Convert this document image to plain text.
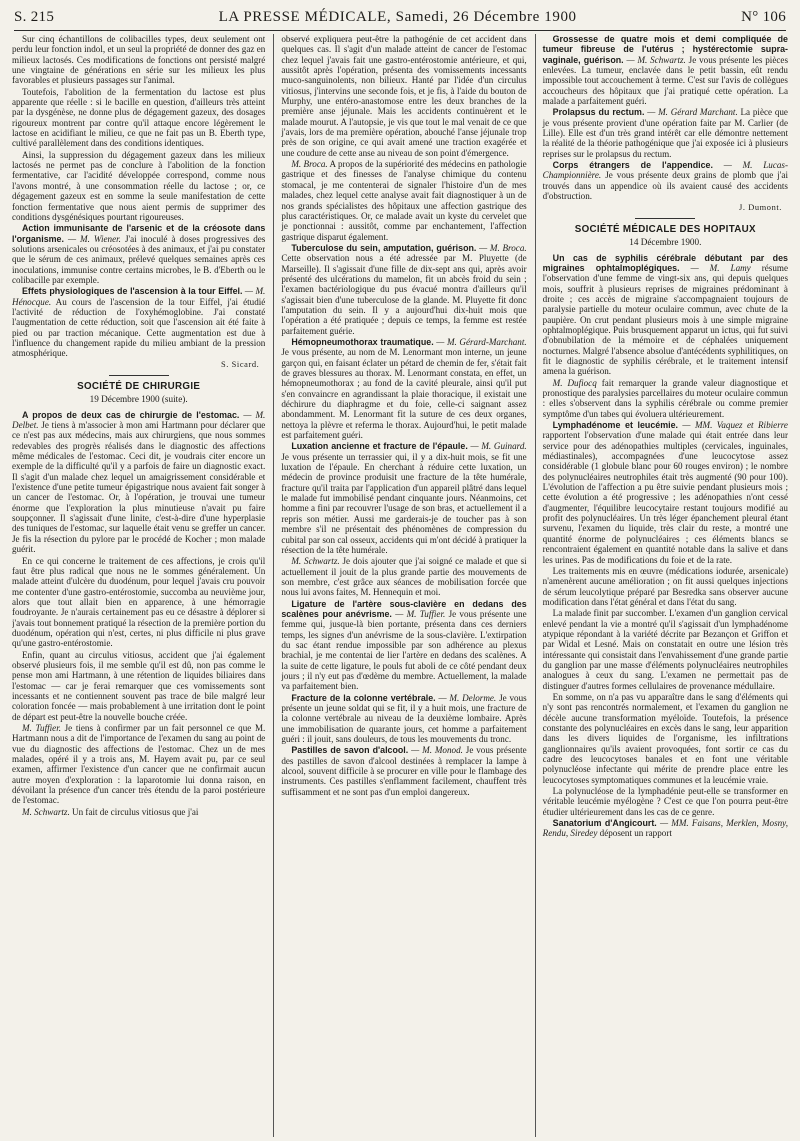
S. 215	LA PRESSE MÉDICALE, Samedi, 26 Décembre 1900	N° 106

Sur cinq échantillons de colibacilles types, deux seulement ont perdu leur fonction indol, et un seul la propriété de donner des gaz en milieux lactosés. Ces modifications de fonctions ont persisté malgré une vingtaine de générations en série sur les milieux les plus favorables et plusieurs passages sur l'animal.

Toutefois, l'abolition de la fermentation du lactose est plus apparente que réelle : si le bacille en question, d'ailleurs très atteint par la dysgénèse, ne donne plus de dégagement gazeux, des dosages rigoureux montrent par contre qu'il attaque encore légèrement le lactose en acidifiant le milieu, ce que ne fait pas un B. Eberth type, cultivé parallèlement dans des conditions identiques.

Ainsi, la suppression du dégagement gazeux dans les milieux lactosés ne permet pas de conclure à l'abolition de la fonction fermentative, car l'acidité développée correspond, comme nous l'avons montré, à une consommation réelle du lactose ; or, ce dégagement gazeux est en somme la seule manifestation de cette fonction fermentative que nous aient permis de supprimer des conditions dysgénésiques pourtant rigoureuses.

Action immunisante de l'arsenic et de la créosote dans l'organisme. — M. Wiener. J'ai inoculé à doses progressives des solutions arsenicales ou créosotées à des animaux, et j'ai pu constater que le sérum de ces animaux, prélevé quelques semaines après ces inoculations, immunise contre certains microbes, le B. d'Eberth ou le colibacille par exemple.

Effets physiologiques de l'ascension à la tour Eiffel. — M. Hénocque. Au cours de l'ascension de la tour Eiffel, j'ai étudié l'activité de réduction de l'oxyhémoglobine. J'ai constaté l'augmentation de cette réduction, soit que l'ascension ait été faite à pied ou par traction mécanique. Cette augmentation est due à l'influence du changement rapide du milieu ambiant de la pression atmosphérique.

S. Sicard.
SOCIÉTÉ DE CHIRURGIE
19 Décembre 1900 (suite).

A propos de deux cas de chirurgie de l'estomac. — M. Delbet. Je tiens à m'associer à mon ami Hartmann pour déclarer que ce n'est pas aux médecins, mais aux chirurgiens, que nous sommes redevables des progrès réalisés dans le diagnostic des affections même médicales de l'estomac. Ceci dit, je voudrais citer encore un exemple de la difficulté qu'il y a parfois de faire un diagnostic exact. Il s'agit d'un malade chez lequel un amaigrissement considérable et l'existence d'une petite tumeur épigastrique nous avaient fait songer à un cancer de l'estomac. Or, à l'opération, je trouvai une tumeur énorme que l'exploration la plus minutieuse n'avait pu faire soupçonner. Il s'agissait d'une linite, c'est-à-dire d'une hyperplasie des tuniques de l'estomac, sur laquelle était venu se greffer un cancer. Je fis la résection du pylore par le procédé de Kocher ; mon malade guérit.

En ce qui concerne le traitement de ces affections, je crois qu'il faut être plus radical que nous ne le sommes généralement. Un malade atteint d'ulcère du duodénum, pour lequel j'avais cru pouvoir me contenter d'une gastro-entérostomie, succomba au neuvième jour, alors que tout allait bien en apparence, à une hémorragie foudroyante. Je n'aurais certainement pas eu ce désastre à déplorer si j'avais tout bonnement pratiqué la résection de la première portion du duodénum, opération qui n'est, certes, ni plus difficile ni plus grave qu'une gastro-entérostomie.

Enfin, quant au circulus vitiosus, accident que j'ai également observé plusieurs fois, il me semble qu'il est dû, non pas comme le pense mon ami Hartmann, à une rétention de liquides biliaires dans l'estomac — car je ferai remarquer que ces vomissements sont incessants et ne contiennent souvent pas trace de bile malgré leur coloration foncée — mais probablement à une irritation dont le point de départ est peut-être la nouvelle bouche créée.

M. Tuffier. Je tiens à confirmer par un fait personnel ce que M. Hartmann nous a dit de l'importance de l'examen du sang au point de vue du diagnostic des affections de l'estomac. Chez un de mes malades, opéré il y a trois ans, M. Hayem avait pu, par ce seul examen, affirmer l'existence d'un cancer que ne confirmait aucun autre moyen d'exploration : la laparotomie lui donna raison, en dévoilant la présence d'un cancer très étendu de la paroi postérieure de l'estomac.

M. Schwartz. Un fait de circulus vitiosus que j'ai

observé expliquera peut-être la pathogénie de cet accident dans quelques cas. Il s'agit d'un malade atteint de cancer de l'estomac chez lequel j'avais fait une gastro-entérostomie antérieure, et qui, aussitôt après l'opération, présenta des vomissements incessants muco-sanguinolents, non bilieux. Hanté par l'idée d'un circulus vitiosus, j'intervins une seconde fois, et je fis, à l'aide du bouton de Murphy, une entéro-anastomose entre les deux branches de la première anse jéjunale. Mais les accidents continuèrent et le malade mourut. A l'autopsie, je vis que tout le mal venait de ce que j'avais, lors de ma première opération, abouché l'anse jéjunale trop près de son origine, ce qui avait amené une traction exagérée et une coudure de cette anse au niveau de son point d'émergence.

M. Broca. A propos de la supériorité des médecins en pathologie gastrique et des finesses de l'analyse chimique du contenu stomacal, je me contenterai de signaler l'histoire d'un de mes malades, chez lequel cette analyse avait fait diagnostiquer à un de nos grands spécialistes des hôpitaux une affection gastrique des plus caractéristiques. Or, ce malade avait un kyste du cervelet que je ponctionnai : aussitôt, comme par enchantement, l'affection gastrique disparut également.

Tuberculose du sein, amputation, guérison. — M. Broca. Cette observation nous a été adressée par M. Pluyette (de Marseille). Il s'agissait d'une fille de dix-sept ans qui, après avoir présenté des ulcérations du mamelon, fit un abcès froid du sein ; l'examen bactériologique du pus évacué montra d'ailleurs qu'il s'agissait bien d'une tuberculose de la glande. M. Pluyette fit donc l'amputation du sein. Il y a aujourd'hui dix-huit mois que l'opération a été pratiquée ; depuis ce temps, la femme est restée parfaitement guérie.

Hémopneumothorax traumatique. — M. Gérard-Marchant. Je vous présente, au nom de M. Lenormant mon interne, un jeune garçon qui, en faisant éclater un pétard de chemin de fer, s'était fait de graves blessures au thorax. M. Lenormant constata, en effet, un hémopneumothorax ; au fond de la cavité pleurale, ainsi qu'il put s'en convaincre en agrandissant la plaie thoracique, il existait une déchirure du diaphragme et du foie, celle-ci saignant assez abondamment. M. Lenormant fit la suture de ces deux organes, nettoya la plèvre et referma le thorax. Aujourd'hui, le petit malade est parfaitement guéri.

Luxation ancienne et fracture de l'épaule. — M. Guinard. Je vous présente un terrassier qui, il y a dix-huit mois, se fit une luxation de l'épaule. En cherchant à réduire cette luxation, un médecin de province produisit une fracture de la tête humérale, fracture qu'il traita par l'application d'un appareil plâtré dans lequel le malade fut immobilisé pendant cinquante jours. Néanmoins, cet homme a fini par recouvrer l'usage de son bras, et actuellement il a repris son métier. Aussi me garderais-je de toucher pas à son membre s'il ne présentait des phénomènes de compression du cubital par son cal osseux, accidents qui m'ont décidé à pratiquer la résection de la tête humérale.

M. Schwartz. Je dois ajouter que j'ai soigné ce malade et que si actuellement il jouit de la plus grande partie des mouvements de son membre, c'est grâce aux séances de mobilisation forcée que nous lui avons faites, M. Hennequin et moi.

Ligature de l'artère sous-clavière en dedans des scalènes pour anévrisme. — M. Tuffier. Je vous présente une femme qui, jusque-là bien portante, présenta dans ces derniers temps, les signes d'un anévrisme de la sous-clavière. L'extirpation du sac étant rendue impossible par son adhérence au plexus brachial, je me contentai de lier l'artère en dedans des scalènes. A la suite de cette ligature, le pouls fut aboli de ce côté pendant deux jours ; il n'y eut pas d'œdème du membre. Actuellement, la malade va parfaitement bien.

Fracture de la colonne vertébrale. — M. Delorme. Je vous présente un jeune soldat qui se fit, il y a huit mois, une fracture de la colonne vertébrale au niveau de la deuxième lombaire. Après une immobilisation de quarante jours, cet homme a parfaitement guéri : il jouit, sans douleurs, de tous les mouvements du tronc.

Pastilles de savon d'alcool. — M. Monod. Je vous présente des pastilles de savon d'alcool destinées à remplacer la lampe à alcool, souvent difficile à se procurer en ville pour le flambage des instruments. Ces pastilles s'enflamment facilement, chauffent très suffisamment et ne sont pas d'un emploi dangereux.

Grossesse de quatre mois et demi compliquée de tumeur fibreuse de l'utérus ; hystérectomie supra-vaginale, guérison. — M. Schwartz. Je vous présente les pièces enlevées. La tumeur, enclavée dans le petit bassin, eût rendu impossible tout accouchement à terme. C'est sur l'avis de collègues accoucheurs des hôpitaux que j'ai pratiqué cette opération. La malade a parfaitement guéri.

Prolapsus du rectum. — M. Gérard Marchant. La pièce que je vous présente provient d'une opération faite par M. Carlier (de Lille). Elle est d'un très grand intérêt car elle démontre nettement la réalité de la théorie pathogénique que j'ai exposée ici à plusieurs reprises sur le prolapsus du rectum.

Corps étrangers de l'appendice. — M. Lucas-Championnière. Je vous présente deux grains de plomb que j'ai trouvés dans un appendice où ils avaient causé des accidents d'obstruction.

J. Dumont.
SOCIÉTÉ MÉDICALE DES HOPITAUX
14 Décembre 1900.

Un cas de syphilis cérébrale débutant par des migraines ophtalmoplégiques. — M. Lamy résume l'observation d'une femme de vingt-six ans, qui depuis quelques mois, souffrit à plusieurs reprises de migraines prédominant à droite ; ces accès de migraine s'accompagnaient toujours de paralysie partielle du moteur oculaire commun, avec chute de la paupière. On crut pendant plusieurs mois à une simple migraine ophtalmoplégique. Puis brusquement apparut un ictus, qui fut suivi d'obnubilation de la mémoire et de céphalées uniquement nocturnes. Malgré l'absence absolue d'antécédents syphilitiques, on fit le diagnostic de syphilis cérébrale, et le traitement intensif amena la guérison.

M. Dufiocq fait remarquer la grande valeur diagnostique et pronostique des paralysies parcellaires du moteur oculaire commun : elles s'observent dans la syphilis cérébrale ou comme premier symptôme d'un tabes qui évoluera ultérieurement.

Lymphadénome et leucémie. — MM. Vaquez et Ribierre rapportent l'observation d'une malade qui était entrée dans leur service pour des adénopathies multiples (cervicales, inguinales, médiastinales), accompagnées d'une leucocytose assez considérable (1 globule blanc pour 60 rouges environ) ; le nombre des polynucléaires neutrophiles était très augmenté (90 pour 100). L'évolution de l'affection a pu être suivie pendant plusieurs mois ; cette évolution a été progressive ; les adénopathies n'ont cessé d'augmenter, l'équilibre leucocytaire restant toujours modifié au profit des polynucléaires. Un très léger épanchement pleural étant survenu, l'examen du liquide, très clair du reste, a montré une quantité énorme de polynucléaires ; ces éléments blancs se rencontraient également en quantité notable dans la salive et dans les urines. Pas de modifications du foie et de la rate.

Les traitements mis en œuvre (médications iodurée, arsenicale) n'amenèrent aucune amélioration ; on fit aussi quelques injections de sérum leucolytique préparé par Besredka sans observer aucune modification dans l'état général et dans l'état du sang.

La malade finit par succomber. L'examen d'un ganglion cervical enlevé pendant la vie a montré qu'il s'agissait d'un lymphadénome atypique répondant à la variété décrite par Bezançon et Griffon et par Widal et Lesné. Mais on constatait en outre une lésion très intéressante qui consistait dans l'envahissement d'une grande partie du ganglion par une masse d'éléments polynucléaires neutrophiles analogues à ceux du sang. L'examen ne permettait pas de distinguer d'autres formes cellulaires de provenance médullaire.

En somme, on n'a pas vu apparaître dans le sang d'éléments qui n'y sont pas rencontrés normalement, et l'examen du ganglion ne décèle aucune transformation myéloïde. Toutefois, la présence constante des polynucléaires en excès dans le sang, leur apparition dans les divers liquides de l'organisme, les infiltrations ganglionnaires qu'ils avaient provoquées, font sortir ce cas du cadre des leucocytoses banales et en font une véritable polynucléose infectante qui mérite de prendre place entre les leucocytoses symptomatiques communes et la leucémie vraie.

La polynucléose de la lymphadénie peut-elle se transformer en véritable leucémie myélogène ? C'est ce que l'on pourra peut-être étudier ultérieurement dans les cas de ce genre.

Sanatorium d'Angicourt. — MM. Faisans, Merklen, Mosny, Rendu, Siredey déposent un rapport
